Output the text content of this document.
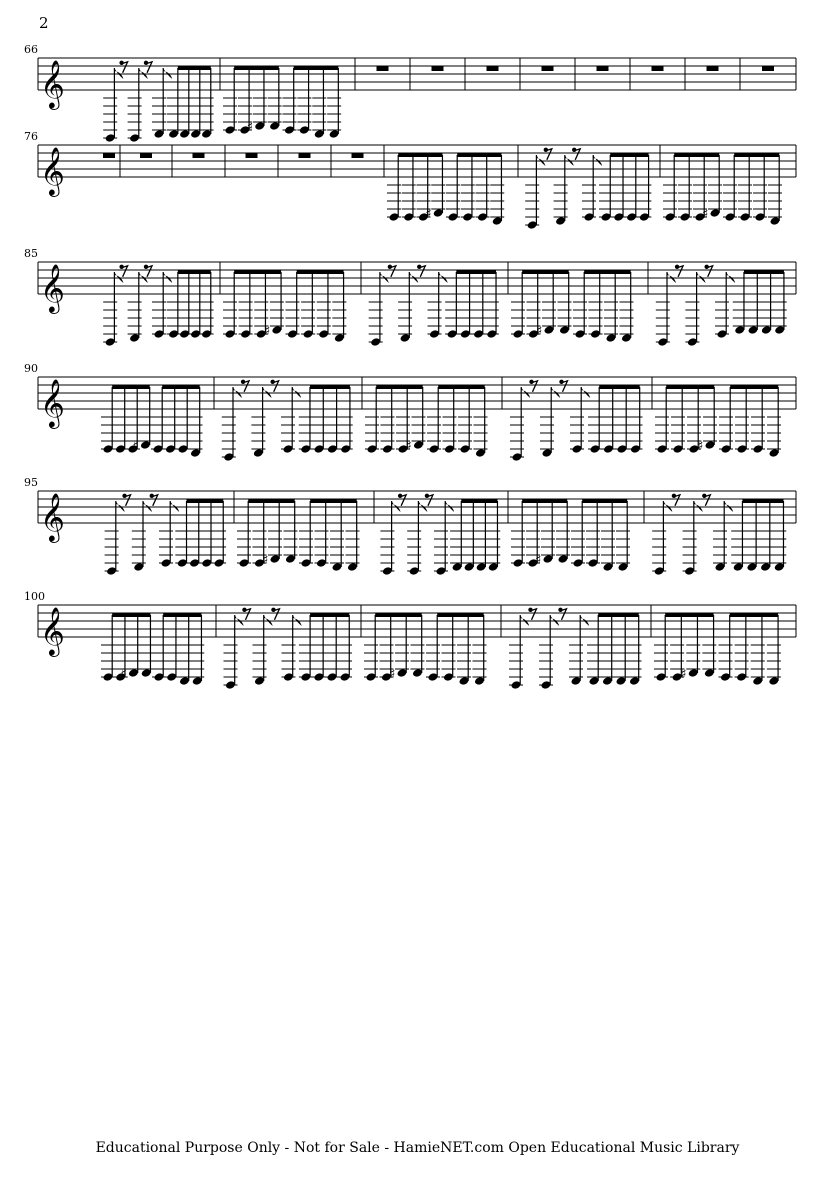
2
𝄞
66
♯
𝄞
76
♯	♯
𝄞
85
♯	♯
𝄞
90
♯	♯	♯
𝄞
95
♯	♯
𝄞
100
♯	♯	♯
Educational Purpose Only - Not for Sale - HamieNET.com Open Educational Music Library
